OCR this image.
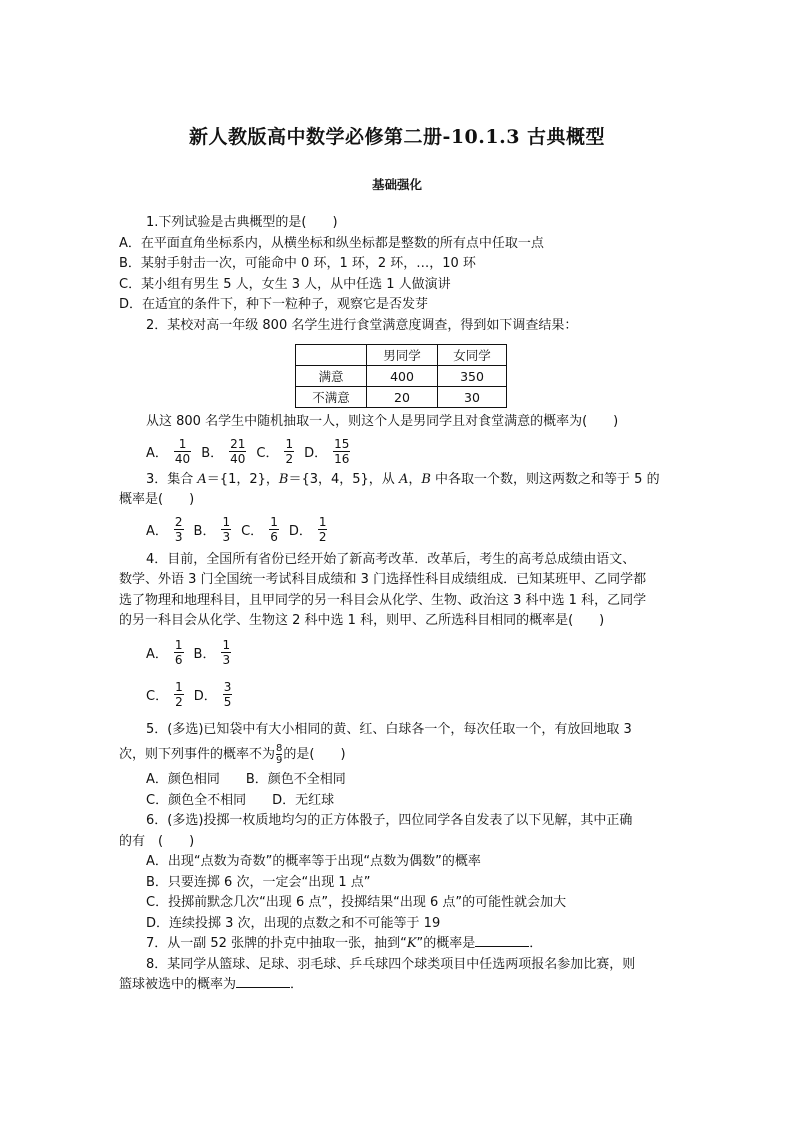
新人教版高中数学必修第二册-10.1.3 古典概型
基础强化
1.下列试验是古典概型的是(　　)
A．在平面直角坐标系内，从横坐标和纵坐标都是整数的所有点中任取一点
B．某射手射击一次，可能命中 0 环，1 环，2 环，…，10 环
C．某小组有男生 5 人，女生 3 人，从中任选 1 人做演讲
D．在适宜的条件下，种下一粒种子，观察它是否发芽
2．某校对高一年级 800 名学生进行食堂满意度调查，得到如下调查结果：
	男同学	女同学
满意	400	350
不满意	20	30
从这 800 名学生中随机抽取一人，则这个人是男同学且对食堂满意的概率为(　　)
A． $\frac{1}{40}$ B． $\frac{21}{40}$ C． $\frac{1}{2}$ D． $\frac{15}{16}$
3．集合 A＝{1，2}，B＝{3，4，5}，从 A，B 中各取一个数，则这两数之和等于 5 的
概率是(　　)
A． $\frac{2}{3}$ B． $\frac{1}{3}$ C． $\frac{1}{6}$ D． $\frac{1}{2}$
4．目前，全国所有省份已经开始了新高考改革．改革后，考生的高考总成绩由语文、
数学、外语 3 门全国统一考试科目成绩和 3 门选择性科目成绩组成．已知某班甲、乙同学都
选了物理和地理科目，且甲同学的另一科目会从化学、生物、政治这 3 科中选 1 科，乙同学
的另一科目会从化学、生物这 2 科中选 1 科，则甲、乙所选科目相同的概率是(　　)
A． $\frac{1}{6}$ B． $\frac{1}{3}$
C． $\frac{1}{2}$ D． $\frac{3}{5}$
5．(多选)已知袋中有大小相同的黄、红、白球各一个，每次任取一个，有放回地取 3
次，则下列事件的概率不为 $\frac{8}{9}$ 的是(　　)
A．颜色相同　　B．颜色不全相同
C．颜色全不相同　　D．无红球
6．(多选)投掷一枚质地均匀的正方体骰子，四位同学各自发表了以下见解，其中正确
的有　(　　)
A．出现“点数为奇数”的概率等于出现“点数为偶数”的概率
B．只要连掷 6 次，一定会“出现 1 点”
C．投掷前默念几次“出现 6 点”，投掷结果“出现 6 点”的可能性就会加大
D．连续投掷 3 次，出现的点数之和不可能等于 19
7．从一副 52 张牌的扑克中抽取一张，抽到“K”的概率是	．
8．某同学从篮球、足球、羽毛球、乒乓球四个球类项目中任选两项报名参加比赛，则
篮球被选中的概率为	．
